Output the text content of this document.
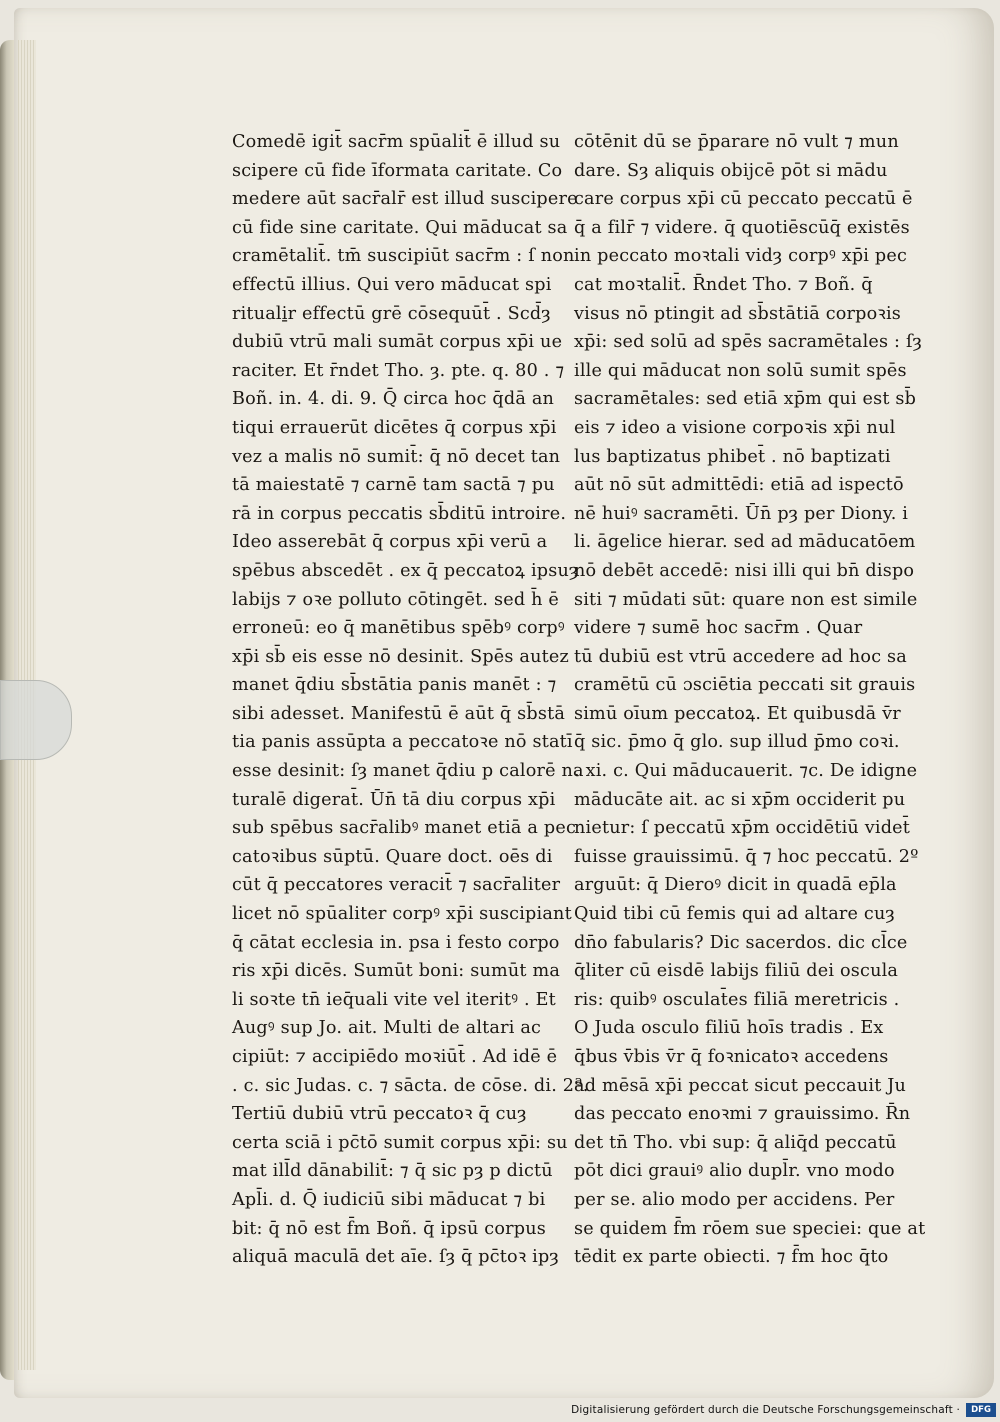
Comedē igit̄ sacr̄m spūalit̄ ē illud su
scipere cū fide īformata caritate. Co
medere aūt sacr̄alr̄ est illud suscipere
cū fide sine caritate. Qui māducat sa
cramētalit̄. tm̄ suscipiūt sacr̄m : ſ non
effectū illius. Qui vero māducat spi
rituali̱r effectū grē cōsequūt̄ . Scd̄ȝ
dubiū vtrū mali sumāt corpus xp̄i ue
raciter. Et r̄ndet Tho. ȝ. pte. q. 80 . ⁊
Boñ. in. 4. di. 9. Q̄ circa hoc q̄dā an
tiqui errauerūt dicētes q̄ corpus xp̄i
vez a malis nō sumit̄: q̄ nō decet tan
tā maiestatē ⁊ carnē tam sactā ⁊ pu
rā in corpus peccatis sb̄ditū introire.
Ideo asserebāt q̄ corpus xp̄i verū a
spēbus abscedēt . ex q̄ peccatoꝝ ipsuȝ
labijs ⁊ oꝛe polluto cōtingēt. sed h̄ ē
erroneū: eo q̄ manētibus spēbꝰ corpꝰ
xp̄i sb̄ eis esse nō desinit. Spēs autez
manet q̄diu sb̄stātia panis manēt : ⁊
sibi adesset. Manifestū ē aūt q̄ sb̄stā
tia panis assūpta a peccatoꝛe nō statī
esse desinit: ſȝ manet q̄diu p calorē na
turalē digerat̄. Ūn̄ tā diu corpus xp̄i
sub spēbus sacr̄alibꝰ manet etiā a pec
catoꝛibus sūptū. Quare doct. oēs di
cūt q̄ peccatores veracit̄ ⁊ sacr̄aliter
licet nō spūaliter corpꝰ xp̄i suscipiant
q̄ cātat ecclesia in. psa i festo corpo
ris xp̄i dicēs. Sumūt boni: sumūt ma
li soꝛte tn̄ ieq̄uali vite vel iteritꝰ . Et
Augꝰ sup Jo. ait. Multi de altari ac
cipiūt: ⁊ accipiēdo moꝛiūt̄ . Ad idē ē
. c. sic Judas. c. ⁊ sācta. de cōse. di. 2ª.
Tertiū dubiū vtrū peccatoꝛ q̄ cuȝ
certa sciā i pc̄tō sumit corpus xp̄i: su
mat ill̄d dānabilit̄: ⁊ q̄ sic pȝ p dictū
Apl̄i. d. Q̄ iudiciū sibi māducat ⁊ bi
bit: q̄ nō est f̄m Boñ. q̄ ipsū corpus
aliquā maculā det aīe. ſȝ q̄ pc̄toꝛ ipȝ
cōtēnit dū se p̄parare nō vult ⁊ mun
dare. Sȝ aliquis obijcē pōt si mādu
care corpus xp̄i cū peccato peccatū ē
q̄ a filr̄ ⁊ videre. q̄ quotiēscūq̄ existēs
in peccato moꝛtali vidȝ corpꝰ xp̄i pec
cat moꝛtalit̄. R̄ndet Tho. ⁊ Boñ. q̄
visus nō ptingit ad sb̄stātiā corpoꝛis
xp̄i: sed solū ad spēs sacramētales : ſȝ
ille qui māducat non solū sumit spēs
sacramētales: sed etiā xp̄m qui est sb̄
eis ⁊ ideo a visione corpoꝛis xp̄i nul
lus baptizatus phibet̄ . nō baptizati
aūt nō sūt admittēdi: etiā ad ispectō
nē huiꝰ sacramēti. Ūn̄ pȝ per Diony. i
li. āgelice hierar. sed ad māducatōem
nō debēt accedē: nisi illi qui bn̄ dispo
siti ⁊ mūdati sūt: quare non est simile
videre ⁊ sumē hoc sacr̄m . Quar
tū dubiū est vtrū accedere ad hoc sa
cramētū cū ɔsciētia peccati sit grauis
simū oīum peccatoꝝ. Et quibusdā v̄r
q̄ sic. p̄mo q̄ glo. sup illud p̄mo coꝛi.
. xi. c. Qui māducauerit. ⁊c. De idigne
māducāte ait. ac si xp̄m occiderit pu
nietur: ſ peccatū xp̄m occidētiū videt̄
fuisse grauissimū. q̄ ⁊ hoc peccatū. 2º
arguūt: q̄ Dieroꝰ dicit in quadā ep̄la
Quid tibi cū femis qui ad altare cuȝ
dn̄o fabularis? Dic sacerdos. dic cl̄ce
q̄liter cū eisdē labijs filiū dei oscula
ris: quibꝰ osculat̄es filiā meretricis .
O Juda osculo filiū hoīs tradis . Ex
q̄bus v̄bis v̄r q̄ foꝛnicatoꝛ accedens
ad mēsā xp̄i peccat sicut peccauit Ju
das peccato enoꝛmi ⁊ grauissimo. R̄n
det tn̄ Tho. vbi sup: q̄ aliq̄d peccatū
pōt dici grauiꝰ alio dupl̄r. vno modo
per se. alio modo per accidens. Per
se quidem f̄m rōem sue speciei: que at
tēdit ex parte obiecti. ⁊ f̄m hoc q̄to
Digitalisierung gefördert durch die Deutsche Forschungsgemeinschaft ·	DFG
